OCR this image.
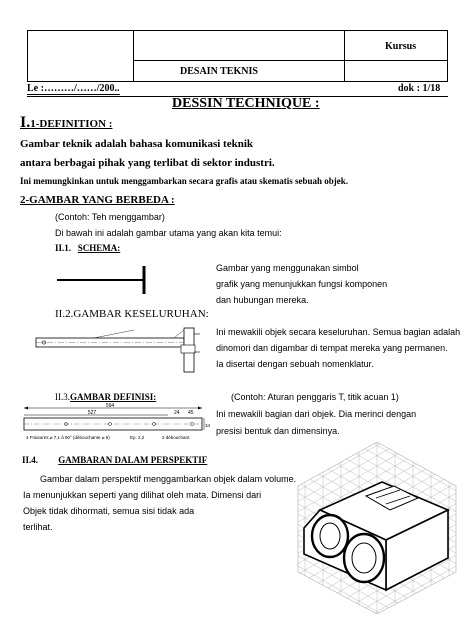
Kursus
DESAIN TEKNIS
Le :………/……/200..	dok : 1/18
DESSIN TECHNIQUE :
I.1-DEFINITION :
Gambar teknik adalah bahasa komunikasi teknik
antara berbagai pihak yang terlibat di sektor industri.
Ini memungkinkan untuk menggambarkan secara grafis atau skematis sebuah objek.
2-GAMBAR YANG BERBEDA :
(Contoh: Teh menggambar)
Di bawah ini adalah gambar utama yang akan kita temui:
II.1. SCHEMA:
Gambar yang menggunakan simbol
grafik yang menunjukkan fungsi komponen
dan hubungan mereka.
II.2.GAMBAR KESELURUHAN:
Ini mewakili objek secara keseluruhan. Semua bagian adalah
dinomori dan digambar di tempat mereka yang permanen.
Ia disertai dengan sebuah nomenklatur.
II.3.GAMBAR DEFINISI:	(Contoh: Aturan penggaris T, titik acuan 1)
594
527	24 45
34
4 Fraisures ⌀ 7,1 à 90° (débouchante ⌀ 6)	Ep. 2,2	2 débouchant
Ini mewakili bagian dari objek. Dia merinci dengan
presisi bentuk dan dimensinya.
II.4. GAMBARAN DALAM PERSPEKTIF
Gambar dalam perspektif menggambarkan objek dalam volume.
Ia menunjukkan seperti yang dilihat oleh mata. Dimensi dari
Objek tidak dihormati, semua sisi tidak ada
terlihat.
